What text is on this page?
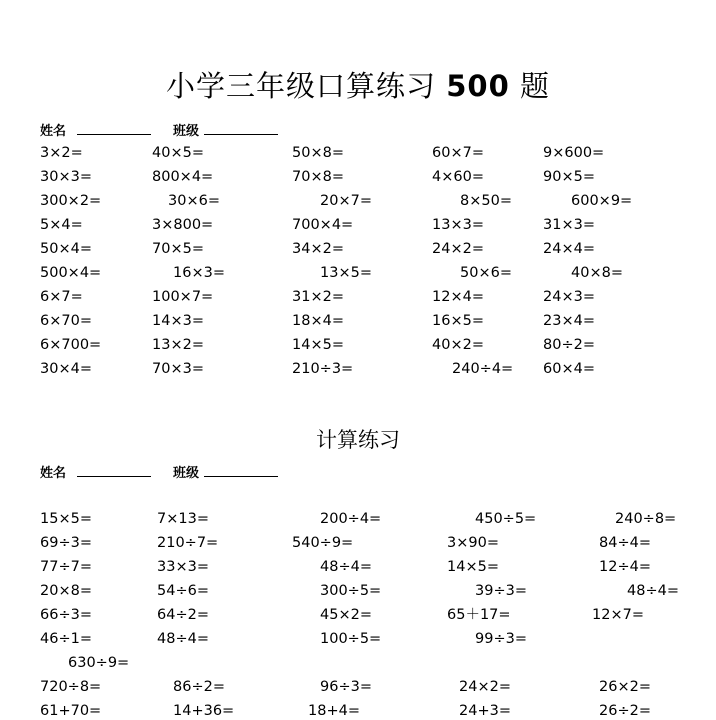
小学三年级口算练习 500 题
姓名	班级
3×2=	40×5=	50×8=	60×7=	9×600=
30×3=	800×4=	70×8=	4×60=	90×5=
300×2=	30×6=	20×7=	8×50=	600×9=
5×4=	3×800=	700×4=	13×3=	31×3=
50×4=	70×5=	34×2=	24×2=	24×4=
500×4=	16×3=	13×5=	50×6=	40×8=
6×7=	100×7=	31×2=	12×4=	24×3=
6×70=	14×3=	18×4=	16×5=	23×4=
6×700=	13×2=	14×5=	40×2=	80÷2=
30×4=	70×3=	210÷3=	240÷4= 60×4=
计算练习
姓名	班级
15×5=	7×13=	200÷4=	450÷5=	240÷8=
69÷3=	210÷7=	540÷9=	3×90=	84÷4=
77÷7=	33×3=	48÷4=	14×5=	12÷4=
20×8=	54÷6=	300÷5=	39÷3=	48÷4=
66÷3=	64÷2=	45×2=	65＋17=	12×7=
46÷1=	48÷4=	100÷5=	99÷3=
630÷9=
720÷8=	86÷2=	96÷3=	24×2=	26×2=
61+70=	14+36=	18+4=	24+3=	26÷2=
